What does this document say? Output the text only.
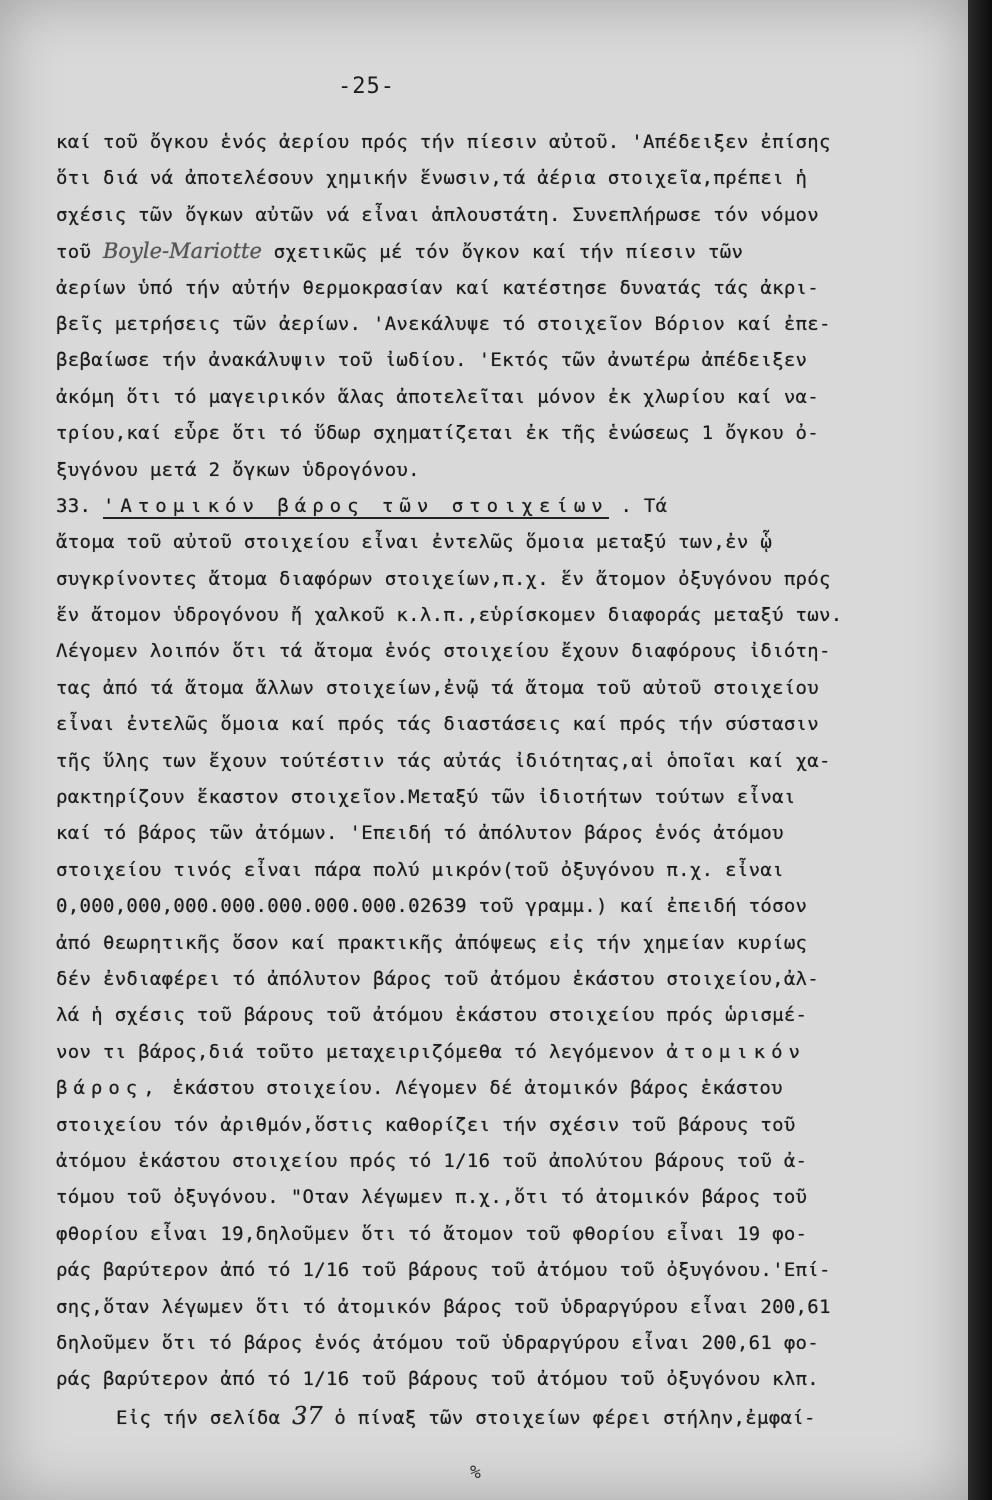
-25-
καί τοῦ ὄγκου ἑνός ἀερίου πρός τήν πίεσιν αὐτοῦ. 'Απέδειξεν ἐπίσης
ὅτι διά νά ἀποτελέσουν χημικήν ἕνωσιν,τά ἀέρια στοιχεῖα,πρέπει ἡ
σχέσις τῶν ὄγκων αὐτῶν νά εἶναι ἁπλουστάτη. Συνεπλήρωσε τόν νόμον
τοῦ Boyle-Mariotte σχετικῶς μέ τόν ὄγκον καί τήν πίεσιν τῶν
ἀερίων ὑπό τήν αὐτήν θερμοκρασίαν καί κατέστησε δυνατάς τάς ἀκρι-
βεῖς μετρήσεις τῶν ἀερίων. 'Ανεκάλυψε τό στοιχεῖον Βόριον καί ἐπε-
βεβαίωσε τήν ἀνακάλυψιν τοῦ ἰωδίου. 'Εκτός τῶν ἀνωτέρω ἀπέδειξεν
ἀκόμη ὅτι τό μαγειρικόν ἅλας ἀποτελεῖται μόνον ἐκ χλωρίου καί να-
τρίου,καί εὗρε ὅτι τό ὕδωρ σχηματίζεται ἐκ τῆς ἑνώσεως 1 ὄγκου ὀ-
ξυγόνου μετά 2 ὄγκων ὑδρογόνου.
33. 'Ατομικόν βάρος τῶν στοιχείων . Τά
ἄτομα τοῦ αὐτοῦ στοιχείου εἶναι ἐντελῶς ὅμοια μεταξύ των,ἐν ᾧ
συγκρίνοντες ἄτομα διαφόρων στοιχείων,π.χ. ἕν ἄτομον ὀξυγόνου πρός
ἕν ἄτομον ὑδρογόνου ἤ χαλκοῦ κ.λ.π.,εὑρίσκομεν διαφοράς μεταξύ των.
Λέγομεν λοιπόν ὅτι τά ἄτομα ἑνός στοιχείου ἔχουν διαφόρους ἰδιότη-
τας ἀπό τά ἄτομα ἄλλων στοιχείων,ἐνῷ τά ἄτομα τοῦ αὐτοῦ στοιχείου
εἶναι ἐντελῶς ὅμοια καί πρός τάς διαστάσεις καί πρός τήν σύστασιν
τῆς ὕλης των ἔχουν τούτέστιν τάς αὐτάς ἰδιότητας,αἱ ὁποῖαι καί χα-
ρακτηρίζουν ἕκαστον στοιχεῖον.Μεταξύ τῶν ἰδιοτήτων τούτων εἶναι
καί τό βάρος τῶν ἀτόμων. 'Επειδή τό ἀπόλυτον βάρος ἑνός ἀτόμου
στοιχείου τινός εἶναι πάρα πολύ μικρόν(τοῦ ὀξυγόνου π.χ. εἶναι
0,000,000,000.000.000.000.000.02639 τοῦ γραμμ.) καί ἐπειδή τόσον
ἀπό θεωρητικῆς ὅσον καί πρακτικῆς ἀπόψεως εἰς τήν χημείαν κυρίως
δέν ἐνδιαφέρει τό ἀπόλυτον βάρος τοῦ ἀτόμου ἑκάστου στοιχείου,ἀλ-
λά ἡ σχέσις τοῦ βάρους τοῦ ἀτόμου ἑκάστου στοιχείου πρός ὡρισμέ-
νον τι βάρος,διά τοῦτο μεταχειριζόμεθα τό λεγόμενον ἀτομικόν
βάρος, ἑκάστου στοιχείου. Λέγομεν δέ ἀτομικόν βάρος ἑκάστου
στοιχείου τόν ἀριθμόν,ὅστις καθορίζει τήν σχέσιν τοῦ βάρους τοῦ
ἀτόμου ἑκάστου στοιχείου πρός τό 1/16 τοῦ ἀπολύτου βάρους τοῦ ἀ-
τόμου τοῦ ὀξυγόνου. "Οταν λέγωμεν π.χ.,ὅτι τό ἀτομικόν βάρος τοῦ
φθορίου εἶναι 19,δηλοῦμεν ὅτι τό ἄτομον τοῦ φθορίου εἶναι 19 φο-
ράς βαρύτερον ἀπό τό 1/16 τοῦ βάρους τοῦ ἀτόμου τοῦ ὀξυγόνου.'Επί-
σης,ὅταν λέγωμεν ὅτι τό ἀτομικόν βάρος τοῦ ὑδραργύρου εἶναι 200,61
δηλοῦμεν ὅτι τό βάρος ἑνός ἀτόμου τοῦ ὑδραργύρου εἶναι 200,61 φο-
ράς βαρύτερον ἀπό τό 1/16 τοῦ βάρους τοῦ ἀτόμου τοῦ ὀξυγόνου κλπ.
Εἰς τήν σελίδα 37 ὁ πίναξ τῶν στοιχείων φέρει στήλην,ἐμφαί-
%
